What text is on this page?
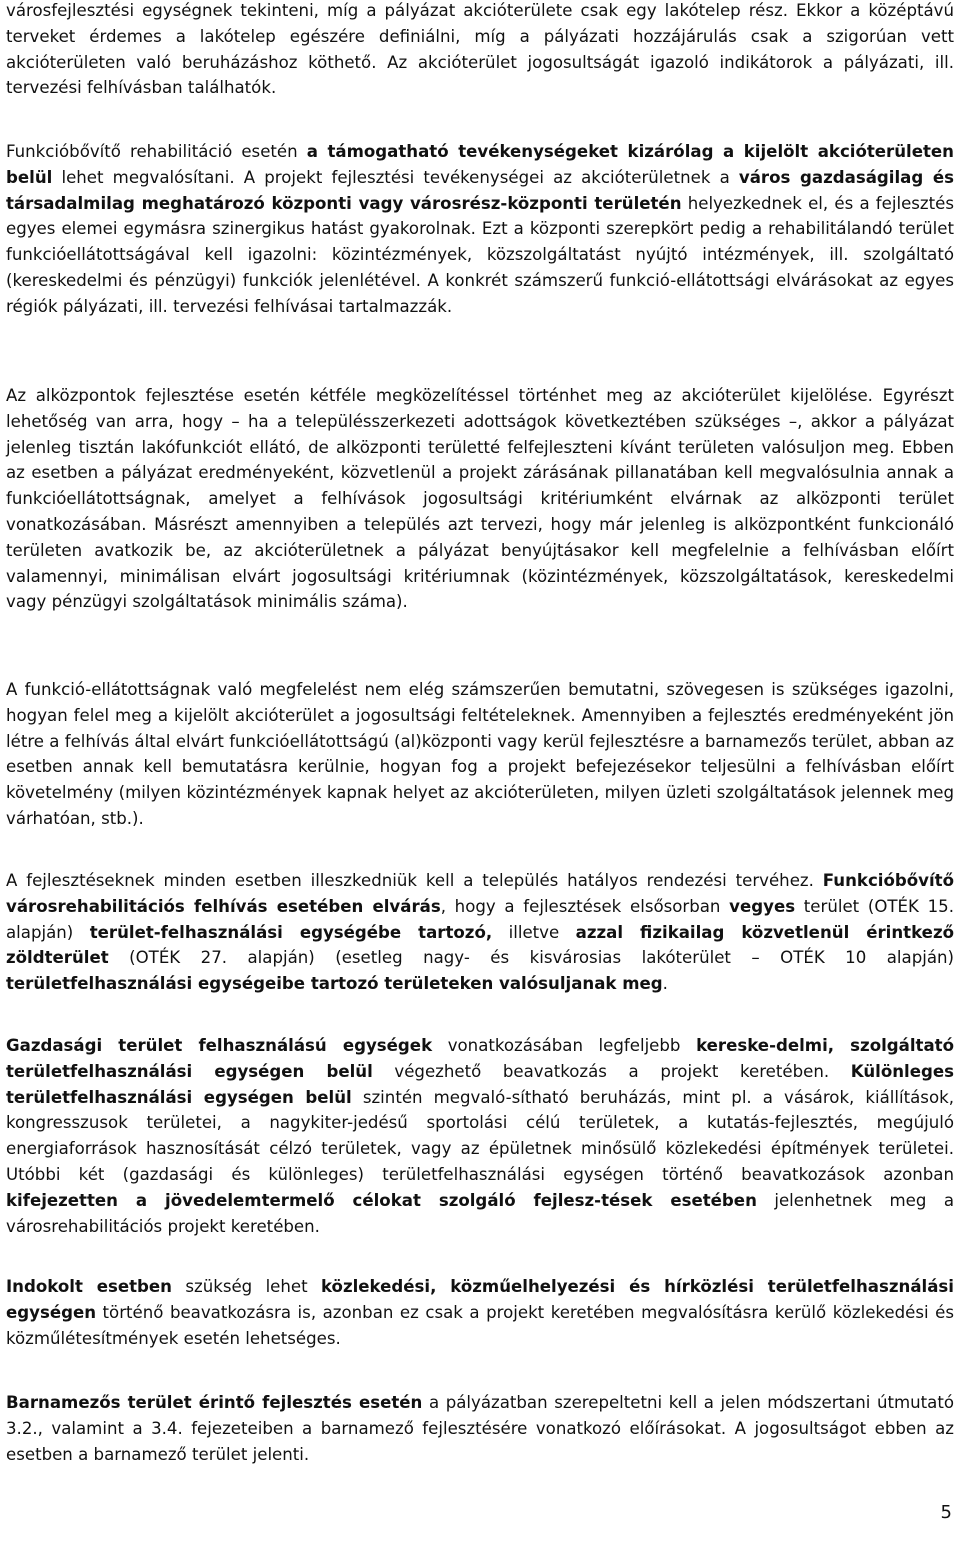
városfejlesztési egységnek tekinteni, míg a pályázat akcióterülete csak egy lakótelep rész. Ekkor a középtávú terveket érdemes a lakótelep egészére definiálni, míg a pályázati hozzájárulás csak a szigorúan vett akcióterületen való beruházáshoz köthető. Az akcióterület jogosultságát igazoló indikátorok a pályázati, ill. tervezési felhívásban találhatók.

Funkcióbővítő rehabilitáció esetén a támogatható tevékenységeket kizárólag a kijelölt akcióterületen belül lehet megvalósítani. A projekt fejlesztési tevékenységei az akcióterületnek a város gazdaságilag és társadalmilag meghatározó központi vagy városrész-központi területén helyezkednek el, és a fejlesztés egyes elemei egymásra szinergikus hatást gyakorolnak. Ezt a központi szerepkört pedig a rehabilitálandó terület funkcióellátottságával kell igazolni: közintézmények, közszolgáltatást nyújtó intézmények, ill. szolgáltató (kereskedelmi és pénzügyi) funkciók jelenlétével. A konkrét számszerű funkció-ellátottsági elvárásokat az egyes régiók pályázati, ill. tervezési felhívásai tartalmazzák.

Az alközpontok fejlesztése esetén kétféle megközelítéssel történhet meg az akcióterület kijelölése. Egyrészt lehetőség van arra, hogy – ha a településszerkezeti adottságok következtében szükséges –, akkor a pályázat jelenleg tisztán lakófunkciót ellátó, de alközponti területté felfejleszteni kívánt területen valósuljon meg. Ebben az esetben a pályázat eredményeként, közvetlenül a projekt zárásának pillanatában kell megvalósulnia annak a funkcióellátottságnak, amelyet a felhívások jogosultsági kritériumként elvárnak az alközponti terület vonatkozásában. Másrészt amennyiben a település azt tervezi, hogy már jelenleg is alközpontként funkcionáló területen avatkozik be, az akcióterületnek a pályázat benyújtásakor kell megfelelnie a felhívásban előírt valamennyi, minimálisan elvárt jogosultsági kritériumnak (közintézmények, közszolgáltatások, kereskedelmi vagy pénzügyi szolgáltatások minimális száma).

A funkció-ellátottságnak való megfelelést nem elég számszerűen bemutatni, szövegesen is szükséges igazolni, hogyan felel meg a kijelölt akcióterület a jogosultsági feltételeknek. Amennyiben a fejlesztés eredményeként jön létre a felhívás által elvárt funkcióellátottságú (al)központi vagy kerül fejlesztésre a barnamezős terület, abban az esetben annak kell bemutatásra kerülnie, hogyan fog a projekt befejezésekor teljesülni a felhívásban előírt követelmény (milyen közintézmények kapnak helyet az akcióterületen, milyen üzleti szolgáltatások jelennek meg várhatóan, stb.).

A fejlesztéseknek minden esetben illeszkedniük kell a település hatályos rendezési tervéhez. Funkcióbővítő városrehabilitációs felhívás esetében elvárás, hogy a fejlesztések elsősorban vegyes terület (OTÉK 15. alapján) terület-felhasználási egységébe tartozó, illetve azzal fizikailag közvetlenül érintkező zöldterület (OTÉK 27. alapján) (esetleg nagy- és kisvárosias lakóterület – OTÉK 10 alapján) területfelhasználási egységeibe tartozó területeken valósuljanak meg.

Gazdasági terület felhasználású egységek vonatkozásában legfeljebb kereske-delmi, szolgáltató területfelhasználási egységen belül végezhető beavatkozás a projekt keretében. Különleges területfelhasználási egységen belül szintén megvaló-sítható beruházás, mint pl. a vásárok, kiállítások, kongresszusok területei, a nagykiter-jedésű sportolási célú területek, a kutatás-fejlesztés, megújuló energiaforrások hasznosítását célzó területek, vagy az épületnek minősülő közlekedési építmények területei. Utóbbi két (gazdasági és különleges) területfelhasználási egységen történő beavatkozások azonban kifejezetten a jövedelemtermelő célokat szolgáló fejlesz-tések esetében jelenhetnek meg a városrehabilitációs projekt keretében.

Indokolt esetben szükség lehet közlekedési, közműelhelyezési és hírközlési területfelhasználási egységen történő beavatkozásra is, azonban ez csak a projekt keretében megvalósításra kerülő közlekedési és közműlétesítmények esetén lehetséges.

Barnamezős terület érintő fejlesztés esetén a pályázatban szerepeltetni kell a jelen módszertani útmutató 3.2., valamint a 3.4. fejezeteiben a barnamező fejlesztésére vonatkozó előírásokat. A jogosultságot ebben az esetben a barnamező terület jelenti.

5
